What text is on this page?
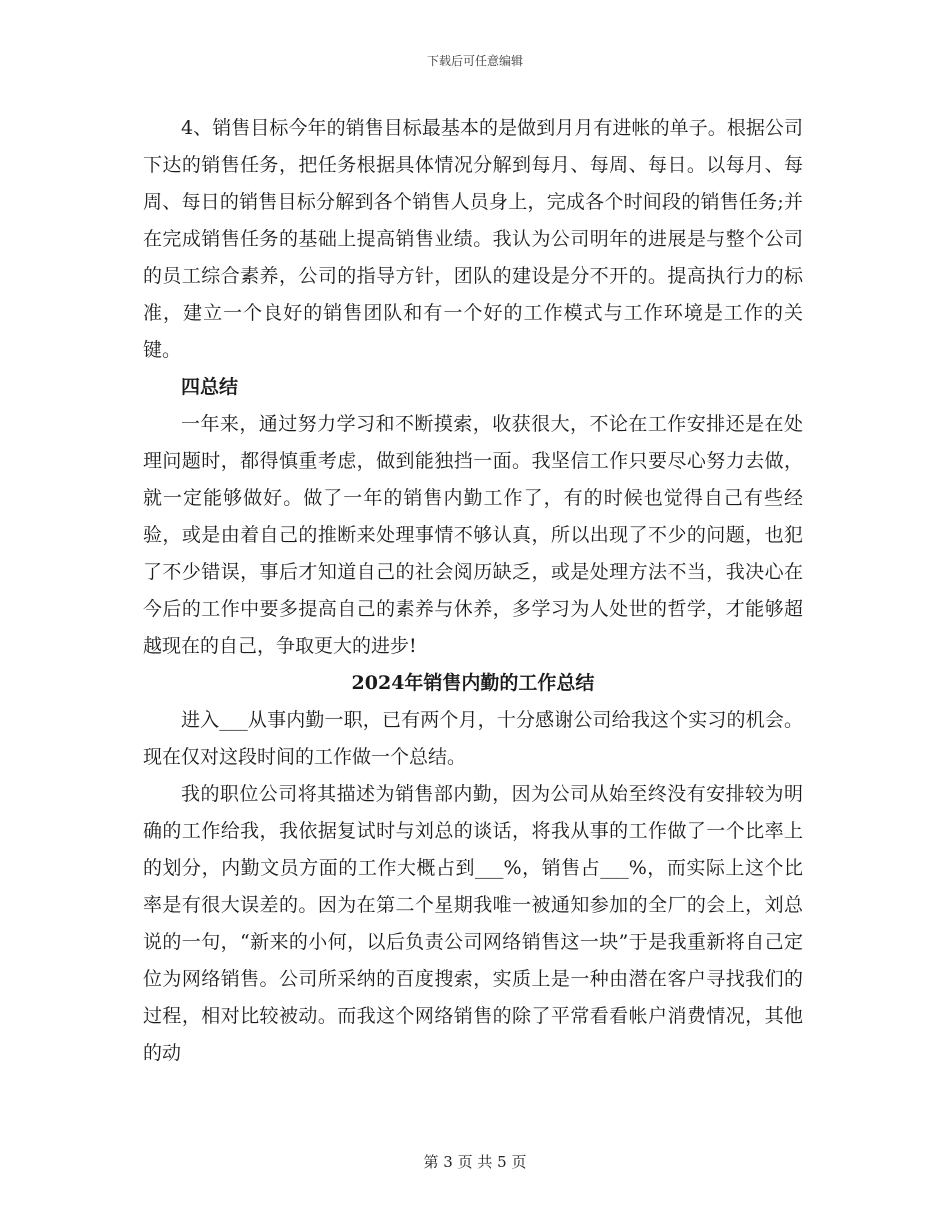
下载后可任意编辑

4、销售目标今年的销售目标最基本的是做到月月有进帐的单子。根据公司下达的销售任务，把任务根据具体情况分解到每月、每周、每日。以每月、每周、每日的销售目标分解到各个销售人员身上，完成各个时间段的销售任务;并在完成销售任务的基础上提高销售业绩。我认为公司明年的进展是与整个公司的员工综合素养，公司的指导方针，团队的建设是分不开的。提高执行力的标准，建立一个良好的销售团队和有一个好的工作模式与工作环境是工作的关键。

四总结

一年来，通过努力学习和不断摸索，收获很大，不论在工作安排还是在处理问题时，都得慎重考虑，做到能独挡一面。我坚信工作只要尽心努力去做，就一定能够做好。做了一年的销售内勤工作了，有的时候也觉得自己有些经验，或是由着自己的推断来处理事情不够认真，所以出现了不少的问题，也犯了不少错误，事后才知道自己的社会阅历缺乏，或是处理方法不当，我决心在今后的工作中要多提高自己的素养与休养，多学习为人处世的哲学，才能够超越现在的自己，争取更大的进步!

2024年销售内勤的工作总结

进入___从事内勤一职，已有两个月，十分感谢公司给我这个实习的机会。现在仅对这段时间的工作做一个总结。

我的职位公司将其描述为销售部内勤，因为公司从始至终没有安排较为明确的工作给我，我依据复试时与刘总的谈话，将我从事的工作做了一个比率上的划分，内勤文员方面的工作大概占到___%，销售占___%，而实际上这个比率是有很大误差的。因为在第二个星期我唯一被通知参加的全厂的会上，刘总说的一句，“新来的小何，以后负责公司网络销售这一块”于是我重新将自己定位为网络销售。公司所采纳的百度搜索，实质上是一种由潜在客户寻找我们的过程，相对比较被动。而我这个网络销售的除了平常看看帐户消费情况，其他的动

第 3 页 共 5 页
